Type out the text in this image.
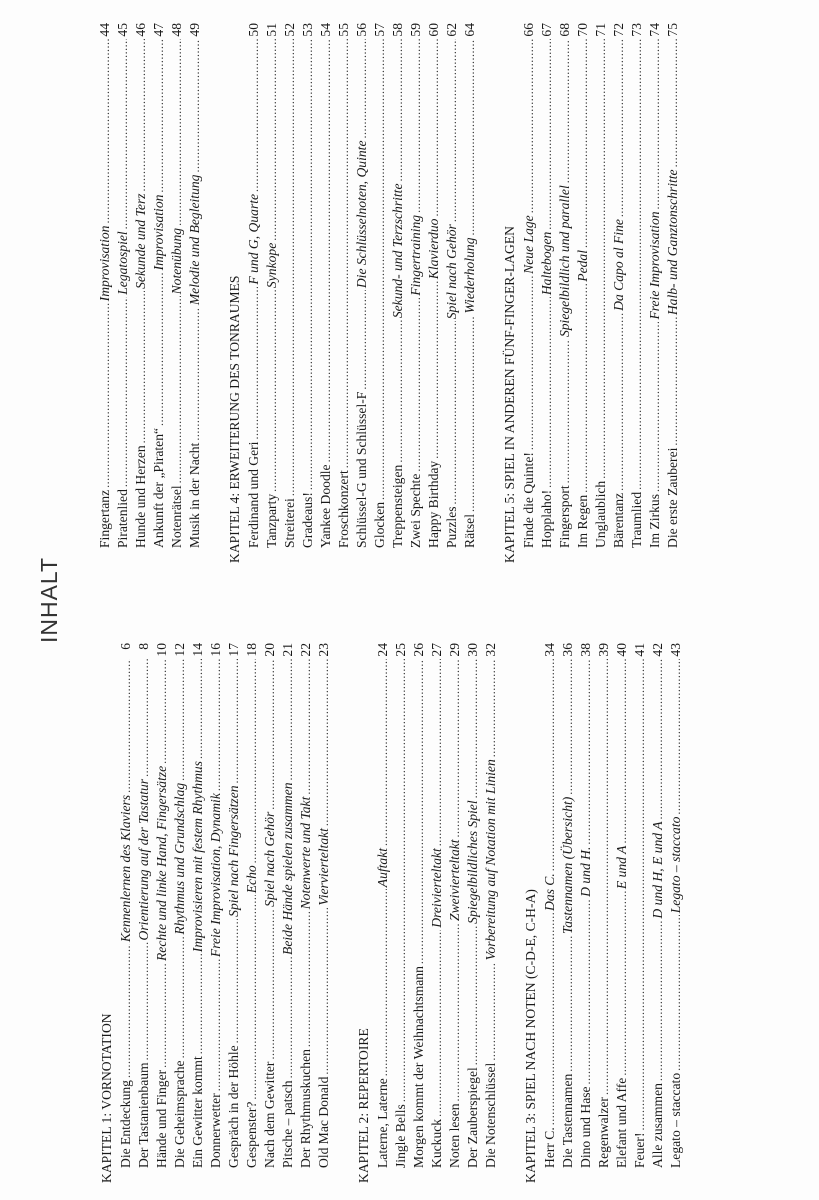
INHALT
KAPITEL 1: VORNOTATION Die Entdeckung
.....
Kennenlernen des Klaviers
.....
6
Der Tastanienbaum
.....
Orientierung auf der Tastatur
.....
8
Hände und Finger
.....
Rechte und linke Hand, Fingersätze
.....
10
Die Geheimsprache
.....
Rhythmus und Grundschlag
.....
12
Ein Gewitter kommt
.....
Improvisieren mit festem Rhythmus
.....
14
Donnerwetter
.....
Freie Improvisation, Dynamik
.....
16
Gespräch in der Höhle
.....
Spiel nach Fingersätzen
.....
17
Gespenster?
.....
Echo
.....
18
Nach dem Gewitter
.....
Spiel nach Gehör
.....
20
Pitsche – patsch
.....
Beide Hände spielen zusammen
.....
21
Der Rhythmuskuchen
.....
Notenwerte und Takt
.....
22
Old Mac Donald
.....
Viervierteltakt
.....
23
KAPITEL 2: REPERTOIRE Laterne, Laterne
.....
Auftakt
.....
24
Jingle Bells
.....
25
Morgen kommt der Weihnachtsmann
.....
26
Kuckuck
.....
Dreivierteltakt
.....
27
Noten lesen
.....
Zweivierteltakt
.....
29
Der Zauberspiegel
.....
Spiegelbildliches Spiel
.....
30
Die Notenschlüssel
.....
Vorbereitung auf Notation mit Linien
.....
32
KAPITEL 3: SPIEL NACH NOTEN (C-D-E, C-H-A) Herr C.
.....
Das C.
.....
34
Die Tastennamen
.....
Tastennamen (Übersicht)
.....
36
Dino und Hase
.....
D und H.
.....
38
Regenwalzer
.....
39
Elefant und Affe
.....
E und A
.....
40
Feuer!
.....
41
Alle zusammen
.....
D und H, E und A
.....
42
Legato – staccato
.....
Legato – staccato
.....
43
Fingertanz
.....
Improvisation
.....
44
Piratenlied
.....
Legatospiel
.....
45
Hunde und Herzen
.....
Sekunde und Terz
.....
46
Ankunft der „Piraten“
.....
Improvisation
.....
47
Notenrätsel
.....
Notenübung
.....
48
Musik in der Nacht
.....
Melodie und Begleitung
.....
49
KAPITEL 4: ERWEITERUNG DES TONRAUMES Ferdinand und Geri
.....
F und G, Quarte
.....
50
Tanzparty
.....
Synkope
.....
51
Streiterei
.....
52
Gradeaus!
.....
53
Yankee Doodle
.....
54
Froschkonzert
.....
55
Schlüssel-G und Schlüssel-F
.....
Die Schlüsselnoten, Quinte
.....
56
Glocken
.....
57
Treppensteigen
.....
Sekund- und Terzschritte
.....
58
Zwei Spechte
.....
Fingertraining
.....
59
Happy Birthday
.....
Klavierduo
.....
60
Puzzles
.....
Spiel nach Gehör
.....
62
Rätsel
.....
Wiederholung
.....
64
KAPITEL 5: SPIEL IN ANDEREN FÜNF-FINGER-LAGEN Finde die Quinte!
.....
Neue Lage
.....
66
Hopplaho!
.....
Haltebogen
.....
67
Fingersport
.....
Spiegelbildlich und parallel
.....
68
Im Regen
.....
Pedal
.....
70
Unglaublich
.....
71
Bärentanz
.....
Da Capo al Fine
.....
72
Traumlied
.....
73
Im Zirkus
.....
Freie Improvisation
.....
74
Die erste Zauberei
.....
Halb- und Ganztonschritte
.....
75
